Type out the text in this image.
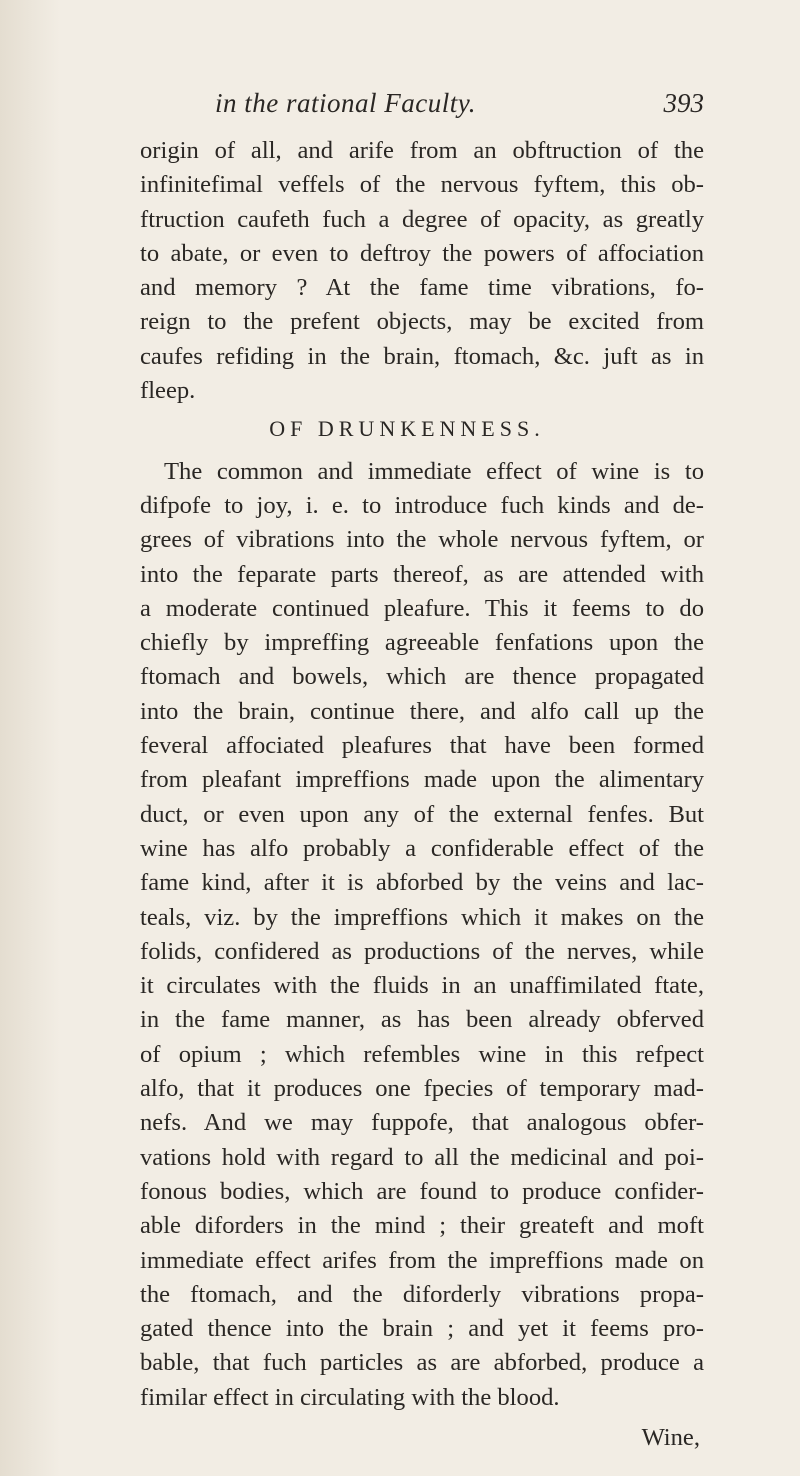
in the rational Faculty.	393
origin of all, and arife from an obftruction of the
infinitefimal veffels of the nervous fyftem, this ob-
ftruction caufeth fuch a degree of opacity, as greatly
to abate, or even to deftroy the powers of affociation
and memory ? At the fame time vibrations, fo-
reign to the prefent objects, may be excited from
caufes refiding in the brain, ftomach, &c. juft as in
fleep.
OF DRUNKENNESS.
The common and immediate effect of wine is to
difpofe to joy, i. e. to introduce fuch kinds and de-
grees of vibrations into the whole nervous fyftem, or
into the feparate parts thereof, as are attended with
a moderate continued pleafure. This it feems to do
chiefly by impreffing agreeable fenfations upon the
ftomach and bowels, which are thence propagated
into the brain, continue there, and alfo call up the
feveral affociated pleafures that have been formed
from pleafant impreffions made upon the alimentary
duct, or even upon any of the external fenfes. But
wine has alfo probably a confiderable effect of the
fame kind, after it is abforbed by the veins and lac-
teals, viz. by the impreffions which it makes on the
folids, confidered as productions of the nerves, while
it circulates with the fluids in an unaffimilated ftate,
in the fame manner, as has been already obferved
of opium ; which refembles wine in this refpect
alfo, that it produces one fpecies of temporary mad-
nefs. And we may fuppofe, that analogous obfer-
vations hold with regard to all the medicinal and poi-
fonous bodies, which are found to produce confider-
able diforders in the mind ; their greateft and moft
immediate effect arifes from the impreffions made on
the ftomach, and the diforderly vibrations propa-
gated thence into the brain ; and yet it feems pro-
bable, that fuch particles as are abforbed, produce a
fimilar effect in circulating with the blood.
Wine,
